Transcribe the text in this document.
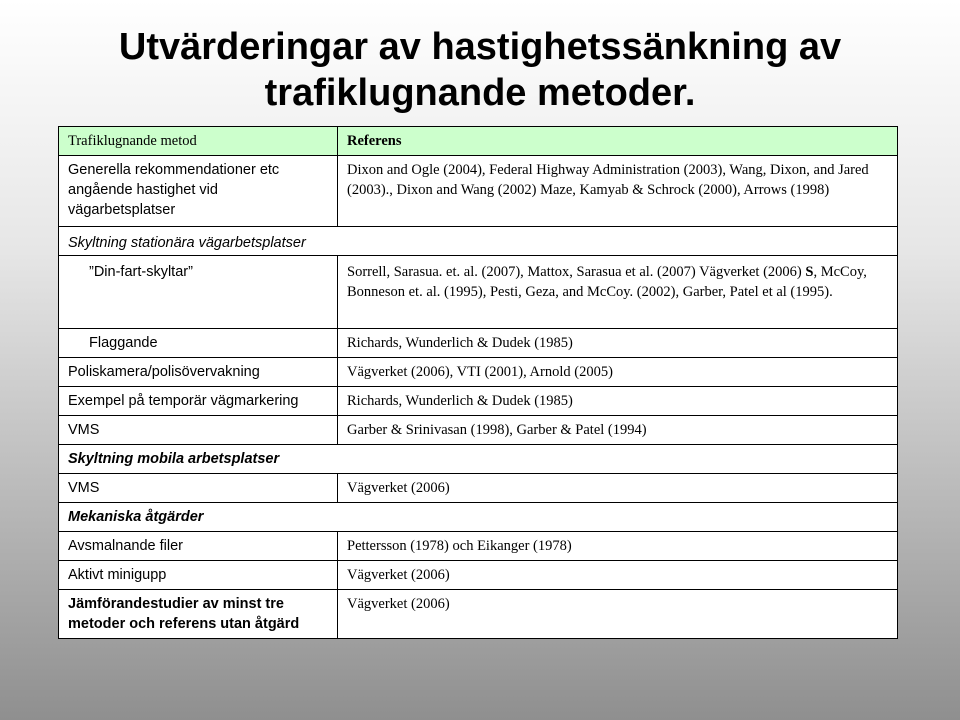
Utvärderingar av hastighetssänkning av trafiklugnande metoder.
Trafiklugnande metod	Referens
Generella rekommendationer etc angående hastighet vid vägarbetsplatser	Dixon and Ogle (2004), Federal Highway Administration (2003), Wang, Dixon, and Jared (2003)., Dixon and Wang (2002) Maze, Kamyab & Schrock (2000), Arrows (1998)
Skyltning stationära vägarbetsplatser	
”Din-fart-skyltar”	Sorrell, Sarasua. et. al. (2007), Mattox, Sarasua et al. (2007) Vägverket (2006) S, McCoy, Bonneson et. al. (1995), Pesti, Geza, and McCoy. (2002), Garber, Patel et al (1995).
Flaggande	Richards, Wunderlich & Dudek (1985)
Poliskamera/polisövervakning	Vägverket (2006), VTI (2001), Arnold (2005)
Exempel på temporär vägmarkering	Richards, Wunderlich & Dudek (1985)
VMS	Garber & Srinivasan (1998), Garber & Patel (1994)
Skyltning mobila arbetsplatser	
VMS	Vägverket (2006)
Mekaniska åtgärder	
Avsmalnande filer	Pettersson (1978) och Eikanger (1978)
Aktivt minigupp	Vägverket (2006)
Jämförandestudier av minst tre metoder och referens utan åtgärd	Vägverket (2006)
